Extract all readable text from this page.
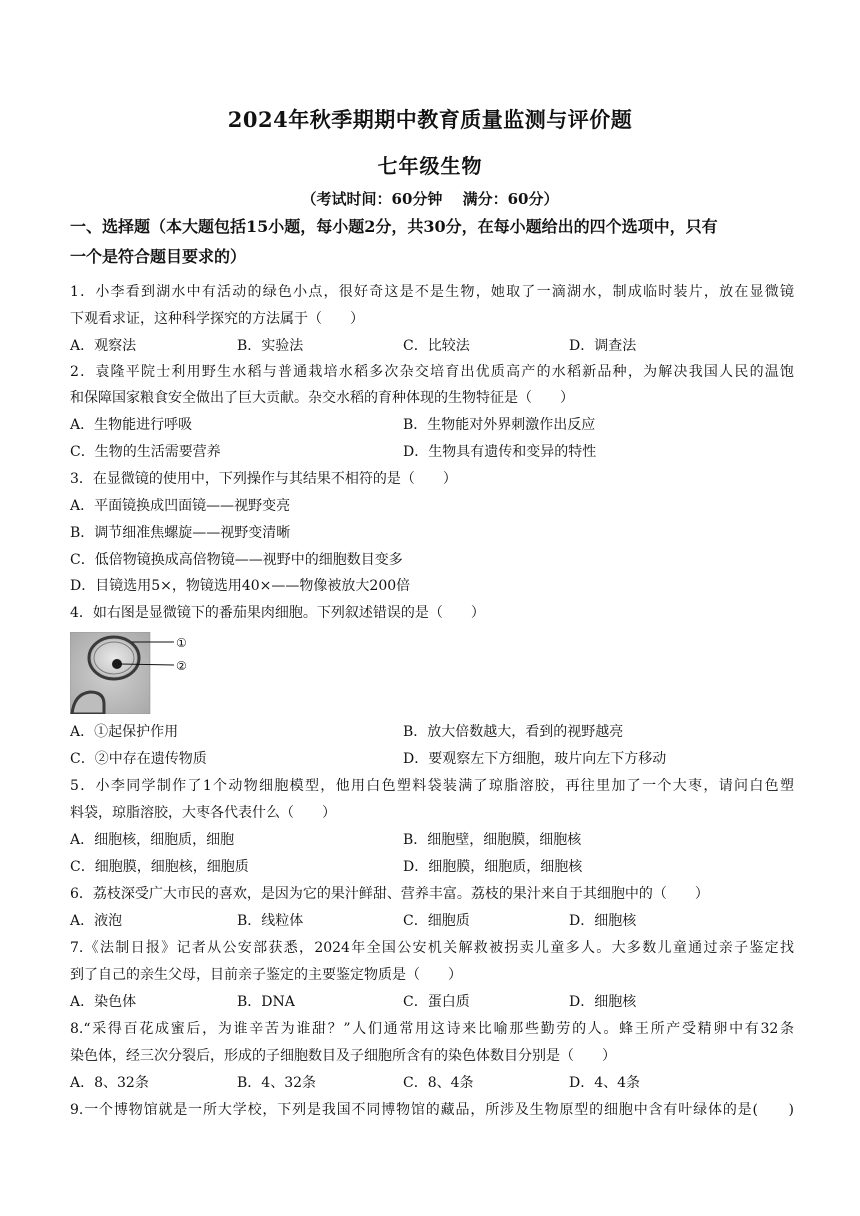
2024年秋季期期中教育质量监测与评价题
七年级生物
（考试时间：60分钟　 满分：60分）
一、选择题（本大题包括15小题，每小题2分，共30分，在每小题给出的四个选项中，只有
一个是符合题目要求的）
1．小李看到湖水中有活动的绿色小点，很好奇这是不是生物，她取了一滴湖水，制成临时装片，放在显微镜
下观看求证，这种科学探究的方法属于（　　）
A．观察法	B．实验法	C．比较法	D．调查法
2．袁隆平院士利用野生水稻与普通栽培水稻多次杂交培育出优质高产的水稻新品种，为解决我国人民的温饱
和保障国家粮食安全做出了巨大贡献。杂交水稻的育种体现的生物特征是（　　）
A．生物能进行呼吸	B．生物能对外界刺激作出反应
C．生物的生活需要营养	D．生物具有遗传和变异的特性
3．在显微镜的使用中，下列操作与其结果不相符的是（　　）
A．平面镜换成凹面镜——视野变亮
B．调节细准焦螺旋——视野变清晰
C．低倍物镜换成高倍物镜——视野中的细胞数目变多
D．目镜选用5×，物镜选用40×——物像被放大200倍
4．如右图是显微镜下的番茄果肉细胞。下列叙述错误的是（　　）
①
②
A．①起保护作用	B．放大倍数越大，看到的视野越亮
C．②中存在遗传物质	D．要观察左下方细胞，玻片向左下方移动
5．小李同学制作了1个动物细胞模型，他用白色塑料袋装满了琼脂溶胶，再往里加了一个大枣，请问白色塑
料袋，琼脂溶胶，大枣各代表什么（　　）
A．细胞核，细胞质，细胞	B．细胞壁，细胞膜，细胞核
C．细胞膜，细胞核，细胞质	D．细胞膜，细胞质，细胞核
6．荔枝深受广大市民的喜欢，是因为它的果汁鲜甜、营养丰富。荔枝的果汁来自于其细胞中的（　　）
A．液泡	B．线粒体	C．细胞质	D．细胞核
7.《法制日报》记者从公安部获悉，2024年全国公安机关解救被拐卖儿童多人。大多数儿童通过亲子鉴定找
到了自己的亲生父母，目前亲子鉴定的主要鉴定物质是（　　）
A．染色体	B．DNA	C．蛋白质	D．细胞核
8.“采得百花成蜜后，为谁辛苦为谁甜？”人们通常用这诗来比喻那些勤劳的人。蜂王所产受精卵中有32条
染色体，经三次分裂后，形成的子细胞数目及子细胞所含有的染色体数目分别是（　　）
A．8、32条	B．4、32条	C．8、4条	D．4、4条
9.一个博物馆就是一所大学校，下列是我国不同博物馆的藏品，所涉及生物原型的细胞中含有叶绿体的是(　　)
